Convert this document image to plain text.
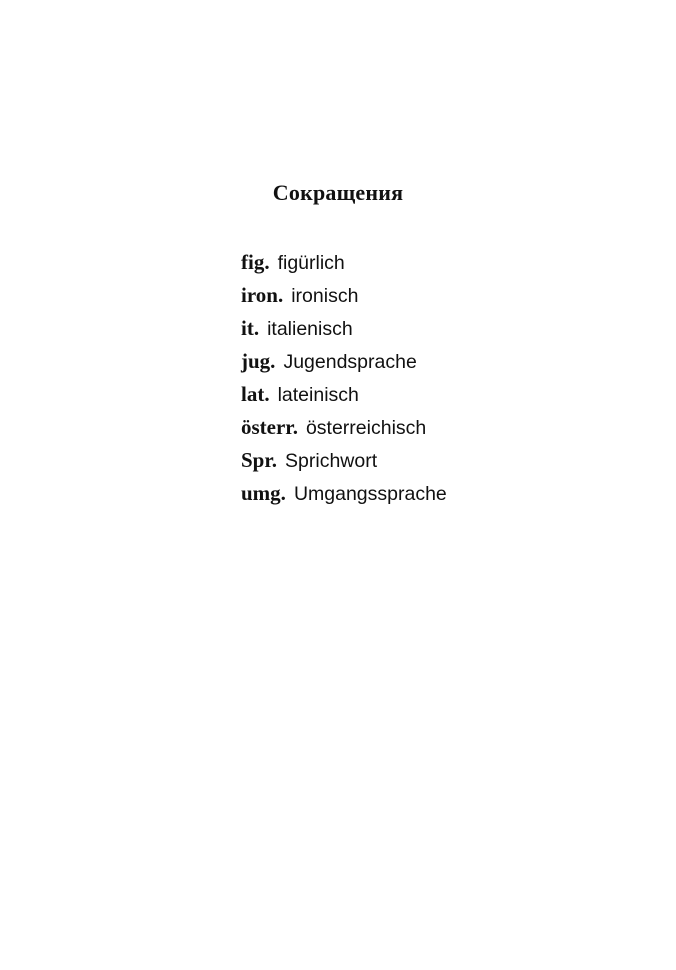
Сокращения
fig. figürlich
iron. ironisch
it. italienisch
jug. Jugendsprache
lat. lateinisch
österr. österreichisch
Spr. Sprichwort
umg. Umgangssprache
